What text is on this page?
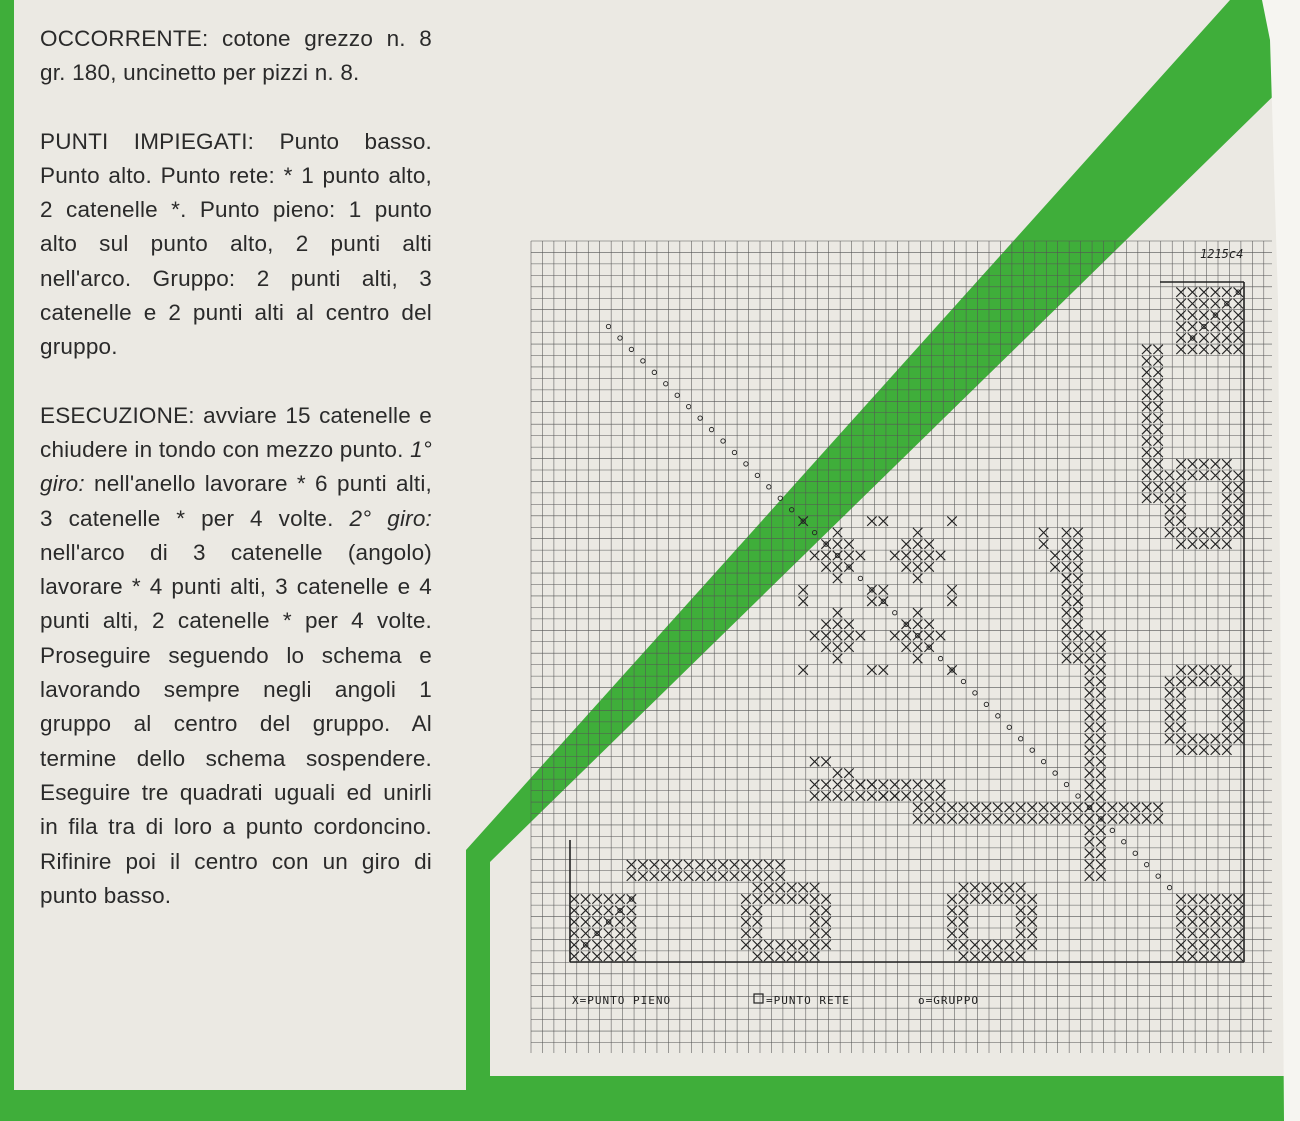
OCCORRENTE: cotone grezzo n. 8 gr. 180, uncinetto per pizzi n. 8.

PUNTI IMPIEGATI: Punto basso. Punto alto. Punto rete: * 1 punto alto, 2 catenelle *. Punto pieno: 1 punto alto sul punto alto, 2 punti alti nell'arco. Gruppo: 2 punti alti, 3 catenelle e 2 punti alti al centro del gruppo.

ESECUZIONE: avviare 15 catenelle e chiudere in tondo con mezzo punto. 1° giro: nell'anello lavorare * 6 punti alti, 3 catenelle * per 4 volte. 2° giro: nell'arco di 3 catenelle (angolo) lavorare * 4 punti alti, 3 catenelle e 4 punti alti, 2 catenelle * per 4 volte. Proseguire seguendo lo schema e lavorando sempre negli angoli 1 gruppo al centro del gruppo. Al termine dello schema sospendere. Eseguire tre quadrati uguali ed unirli in fila tra di loro a punto cordoncino. Rifinire poi il centro con un giro di punto basso.

1215c4
X=PUNTO PIENO	=PUNTO RETE	o=GRUPPO
